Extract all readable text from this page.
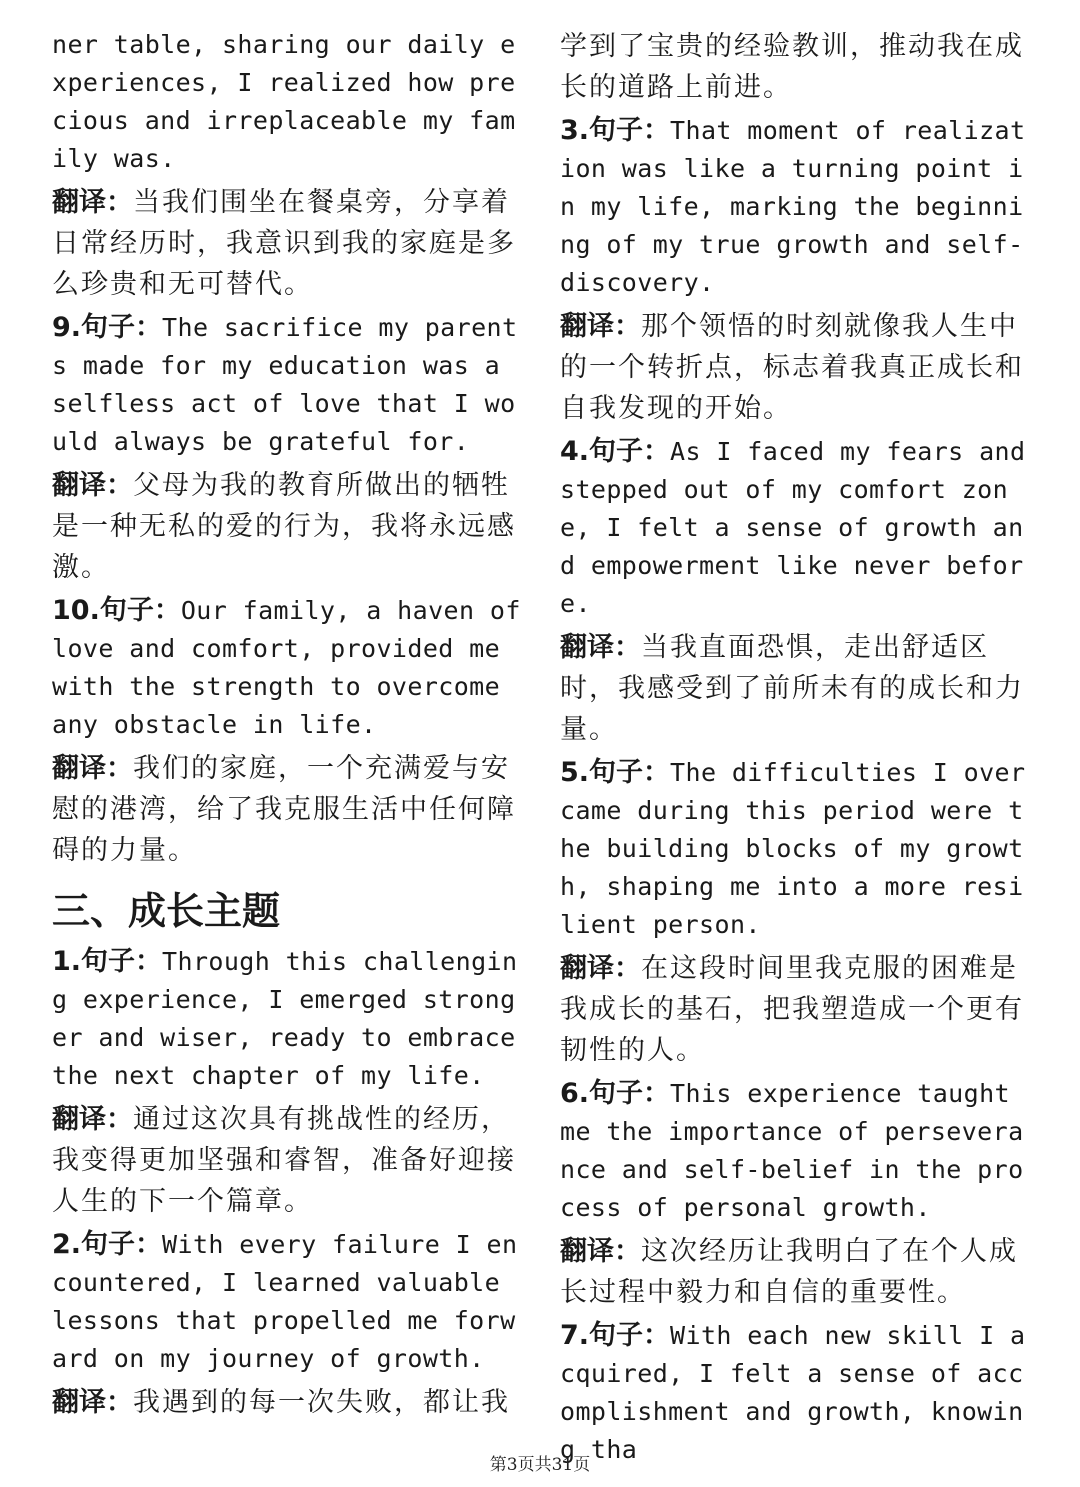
ner table, sharing our daily experiences, I realized how precious and irreplaceable my family was.

翻译：当我们围坐在餐桌旁，分享着日常经历时，我意识到我的家庭是多么珍贵和无可替代。

9.句子：The sacrifice my parents made for my education was a selfless act of love that I would always be grateful for.

翻译：父母为我的教育所做出的牺牲是一种无私的爱的行为，我将永远感激。

10.句子：Our family, a haven of love and comfort, provided me with the strength to overcome any obstacle in life.

翻译：我们的家庭，一个充满爱与安慰的港湾，给了我克服生活中任何障碍的力量。

三、成长主题

1.句子：Through this challenging experience, I emerged stronger and wiser, ready to embrace the next chapter of my life.

翻译：通过这次具有挑战性的经历，我变得更加坚强和睿智，准备好迎接人生的下一个篇章。

2.句子：With every failure I encountered, I learned valuable lessons that propelled me forward on my journey of growth.

翻译：我遇到的每一次失败，都让我

学到了宝贵的经验教训，推动我在成长的道路上前进。

3.句子：That moment of realization was like a turning point in my life, marking the beginning of my true growth and self-discovery.

翻译：那个领悟的时刻就像我人生中的一个转折点，标志着我真正成长和自我发现的开始。

4.句子：As I faced my fears and stepped out of my comfort zone, I felt a sense of growth and empowerment like never before.

翻译：当我直面恐惧，走出舒适区时，我感受到了前所未有的成长和力量。

5.句子：The difficulties I overcame during this period were the building blocks of my growth, shaping me into a more resilient person.

翻译：在这段时间里我克服的困难是我成长的基石，把我塑造成一个更有韧性的人。

6.句子：This experience taught me the importance of perseverance and self-belief in the process of personal growth.

翻译：这次经历让我明白了在个人成长过程中毅力和自信的重要性。

7.句子：With each new skill I acquired, I felt a sense of accomplishment and growth, knowing tha

第3页共31页
